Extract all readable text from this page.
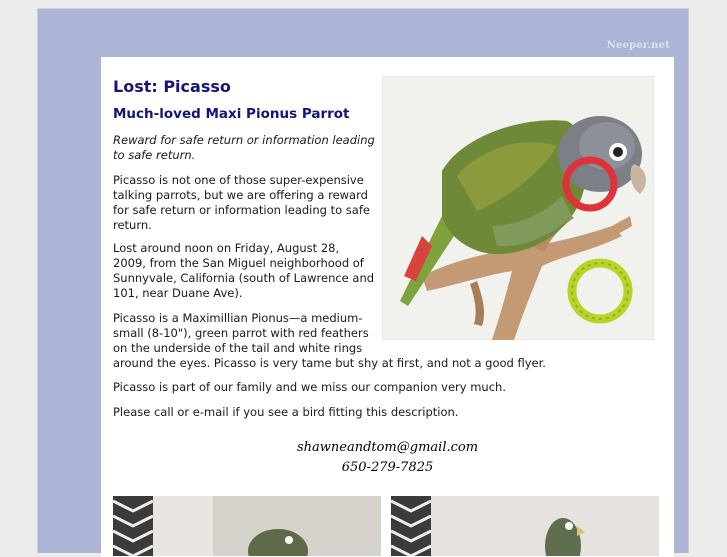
Neeper.net
Lost: Picasso
Much-loved Maxi Pionus Parrot
Reward for safe return or information leading
to safe return.
Picasso is not one of those super-expensive
talking parrots, but we are offering a reward
for safe return or information leading to safe
return.
Lost around noon on Friday, August 28,
2009, from the San Miguel neighborhood of
Sunnyvale, California (south of Lawrence and
101, near Duane Ave).
Picasso is a Maximillian Pionus—a medium-
small (8-10"), green parrot with red feathers
on the underside of the tail and white rings
around the eyes. Picasso is very tame but shy at first, and not a good flyer.
Picasso is part of our family and we miss our companion very much.
Please call or e-mail if you see a bird fitting this description.
shawneandtom@gmail.com
650-279-7825
